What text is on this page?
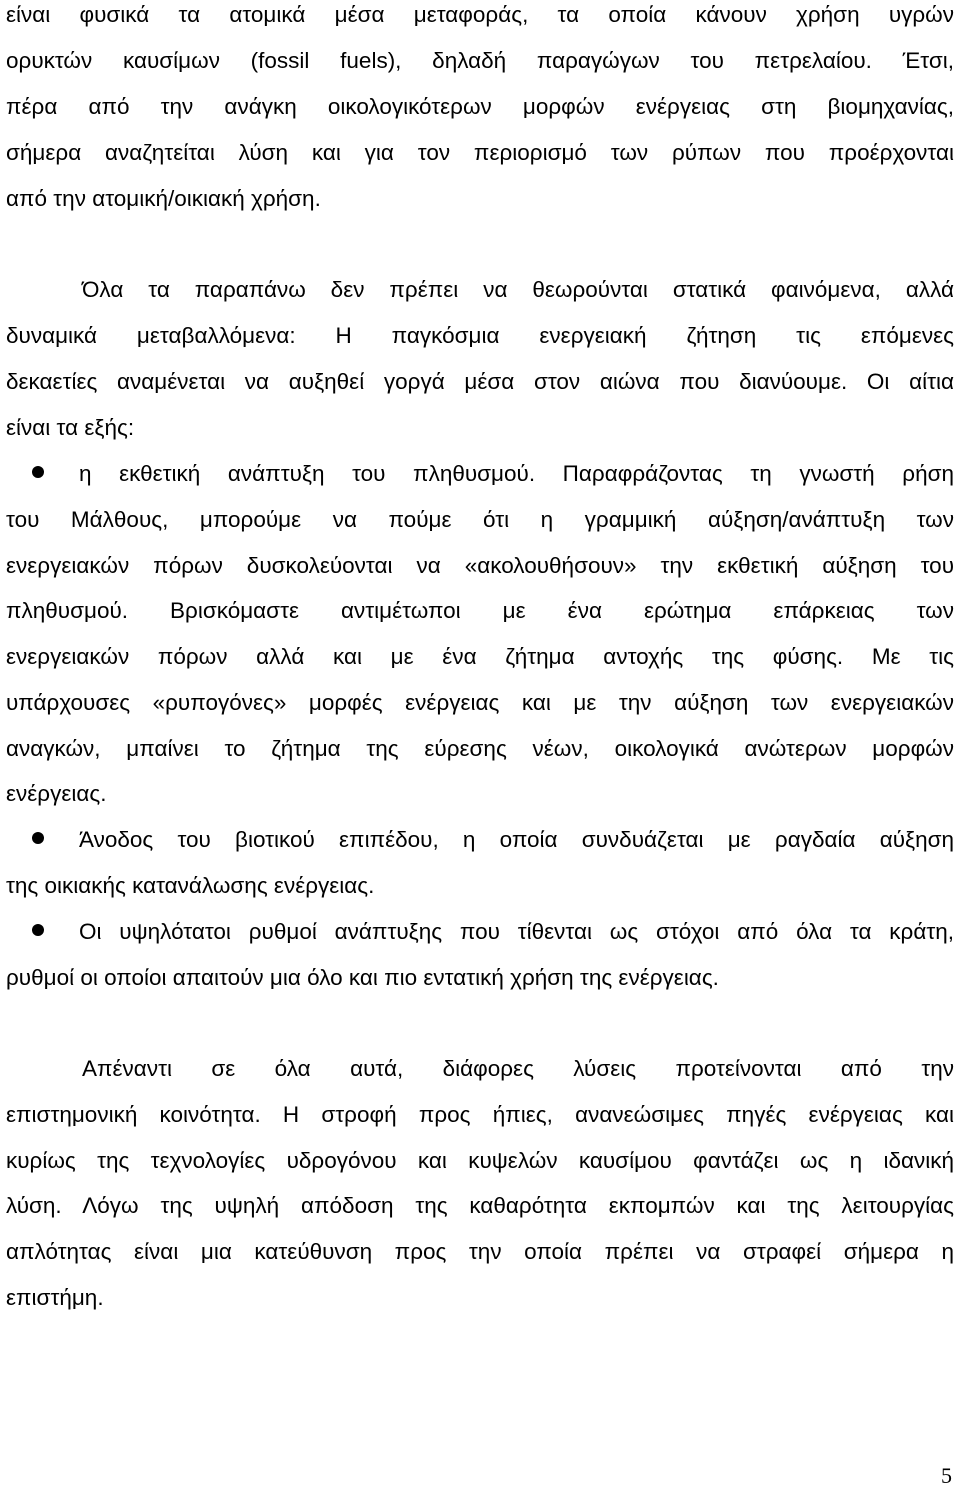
είναι φυσικά τα ατομικά μέσα μεταφοράς, τα οποία κάνουν χρήση υγρών
ορυκτών καυσίμων (fossil fuels), δηλαδή παραγώγων του πετρελαίου. Έτσι,
πέρα από την ανάγκη οικολογικότερων μορφών ενέργειας στη βιομηχανίας,
σήμερα αναζητείται λύση και για τον περιορισμό των ρύπων που προέρχονται
από την ατομική/οικιακή χρήση.
Όλα τα παραπάνω δεν πρέπει να θεωρούνται στατικά φαινόμενα, αλλά
δυναμικά μεταβαλλόμενα: Η παγκόσμια ενεργειακή ζήτηση τις επόμενες
δεκαετίες αναμένεται να αυξηθεί γοργά μέσα στον αιώνα που διανύουμε. Οι αίτια
είναι τα εξής:
η εκθετική ανάπτυξη του πληθυσμού. Παραφράζοντας τη γνωστή ρήση
του Μάλθους, μπορούμε να πούμε ότι η γραμμική αύξηση/ανάπτυξη των
ενεργειακών πόρων δυσκολεύονται να «ακολουθήσουν» την εκθετική αύξηση του
πληθυσμού. Βρισκόμαστε αντιμέτωποι με ένα ερώτημα επάρκειας των
ενεργειακών πόρων αλλά και με ένα ζήτημα αντοχής της φύσης. Με τις
υπάρχουσες «ρυπογόνες» μορφές ενέργειας και με την αύξηση των ενεργειακών
αναγκών, μπαίνει το ζήτημα της εύρεσης νέων, οικολογικά ανώτερων μορφών
ενέργειας.
Άνοδος του βιοτικού επιπέδου, η οποία συνδυάζεται με ραγδαία αύξηση
της οικιακής κατανάλωσης ενέργειας.
Οι υψηλότατοι ρυθμοί ανάπτυξης που τίθενται ως στόχοι από όλα τα κράτη,
ρυθμοί οι οποίοι απαιτούν μια όλο και πιο εντατική χρήση της ενέργειας.
Απέναντι σε όλα αυτά, διάφορες λύσεις προτείνονται από την
επιστημονική κοινότητα. Η στροφή προς ήπιες, ανανεώσιμες πηγές ενέργειας και
κυρίως της τεχνολογίες υδρογόνου και κυψελών καυσίμου φαντάζει ως η ιδανική
λύση. Λόγω της υψηλή απόδοση της καθαρότητα εκπομπών και της λειτουργίας
απλότητας είναι μια κατεύθυνση προς την οποία πρέπει να στραφεί σήμερα η
επιστήμη.
5
